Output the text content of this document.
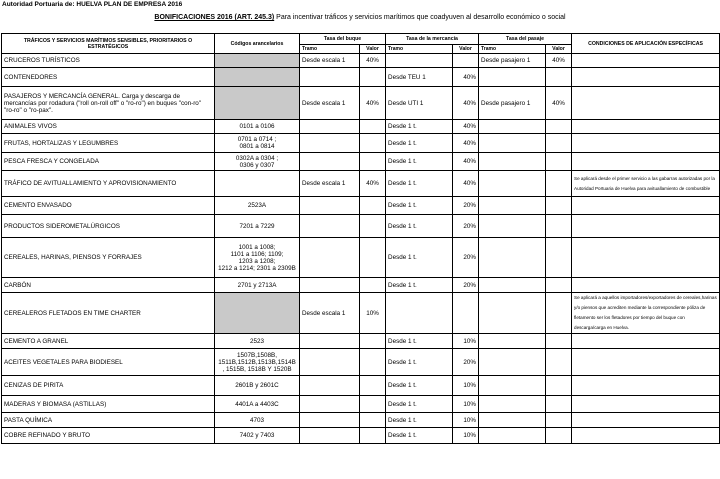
Autoridad Portuaria de: HUELVA PLAN DE EMPRESA 2016
BONIFICACIONES 2016 (ART. 245.3) Para incentivar tráficos y servicios marítimos que coadyuven al desarrollo económico o social
TRÁFICOS Y SERVICIOS MARÍTIMOS SENSIBLES, PRIORITARIOS O ESTRATÉGICOS	Códigos arancelarios	Tasa del buque		Tasa de la mercancía		Tasa del pasaje		CONDICIONES DE APLICACIÓN ESPECÍFICAS
		Tramo	Valor	Tramo	Valor	Tramo	Valor	
CRUCEROS TURÍSTICOS		Desde escala 1	40%			Desde pasajero 1	40%	
CONTENEDORES				Desde TEU 1	40%			
PASAJEROS Y MERCANCÍA GENERAL. Carga y descarga de mercancías por rodadura ("roll on-roll off" o "ro-ro") en buques "con-ro" "ro-ro" o "ro-pax".		Desde escala 1	40%	Desde UTI 1	40%	Desde pasajero 1	40%	
ANIMALES VIVOS	0101 a 0106			Desde 1 t.	40%			
FRUTAS, HORTALIZAS Y LEGUMBRES	0701 a 0714 ;
0801 a 0814			Desde 1 t.	40%			
PESCA FRESCA Y CONGELADA	0302A a 0304 ;
0306 y 0307			Desde 1 t.	40%			
TRÁFICO DE AVITUALLAMIENTO Y APROVISIONAMIENTO		Desde escala 1	40%	Desde 1 t.	40%			Se aplicará desde el primer servicio a las gabarras autorizadas por la Autoridad Portuaria de Huelva para avituallamiento de combustible
CEMENTO ENVASADO	2523A			Desde 1 t.	20%			
PRODUCTOS SIDEROMETALÚRGICOS	7201 a 7229			Desde 1 t.	20%			
CEREALES, HARINAS, PIENSOS Y FORRAJES	1001 a 1008;
1101 a 1106; 1109;
1203 a 1208;
1212 a 1214; 2301 a 2309B			Desde 1 t.	20%			
CARBÓN	2701 y 2713A			Desde 1 t.	20%			
CEREALEROS FLETADOS EN TIME CHARTER		Desde escala 1	10%					Se aplicará a aquellos importadores/exportadores de cereales,harinas y/o piensos que acrediten mediante la correspondiente póliza de fletamento ser los fletadores por tiempo del buque con descarga/carga en Huelva.
CEMENTO A GRANEL	2523			Desde 1 t.	10%			
ACEITES VEGETALES PARA BIODIESEL	1507B,1508B,
1511B,1512B,1513B,1514B
, 1515B, 1518B Y 1520B			Desde 1 t.	20%			
CENIZAS DE PIRITA	2601B y 2601C			Desde 1 t.	10%			
MADERAS Y BIOMASA (ASTILLAS)	4401A a 4403C			Desde 1 t.	10%			
PASTA QUÍMICA	4703			Desde 1 t.	10%			
COBRE REFINADO Y BRUTO	7402 y 7403			Desde 1 t.	10%			
